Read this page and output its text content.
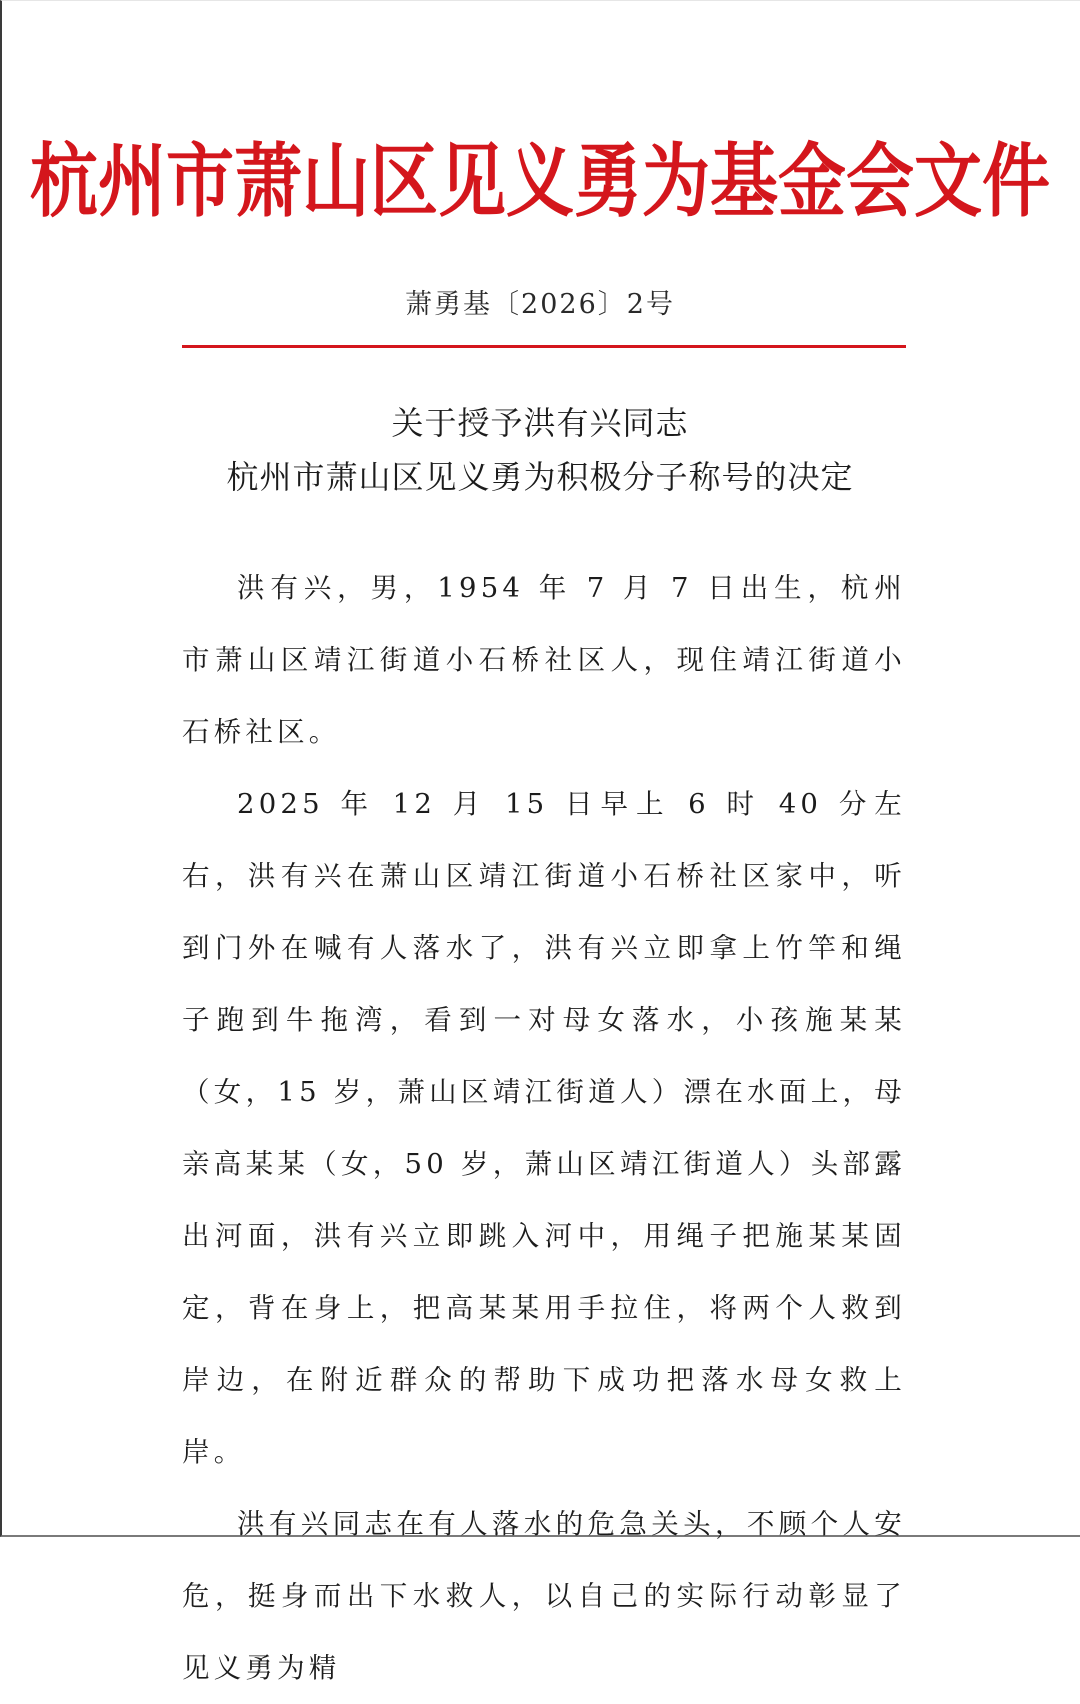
杭州市萧山区见义勇为基金会文件
萧勇基〔2026〕2号
关于授予洪有兴同志
杭州市萧山区见义勇为积极分子称号的决定

洪有兴，男，1954 年 7 月 7 日出生，杭州市萧山区靖江街道小石桥社区人，现住靖江街道小石桥社区。

2025 年 12 月 15 日早上 6 时 40 分左右，洪有兴在萧山区靖江街道小石桥社区家中，听到门外在喊有人落水了，洪有兴立即拿上竹竿和绳子跑到牛拖湾，看到一对母女落水，小孩施某某（女，15 岁，萧山区靖江街道人）漂在水面上，母亲高某某（女，50 岁，萧山区靖江街道人）头部露出河面，洪有兴立即跳入河中，用绳子把施某某固定，背在身上，把高某某用手拉住，将两个人救到岸边，在附近群众的帮助下成功把落水母女救上岸。

洪有兴同志在有人落水的危急关头，不顾个人安危，挺身而出下水救人，以自己的实际行动彰显了见义勇为精
